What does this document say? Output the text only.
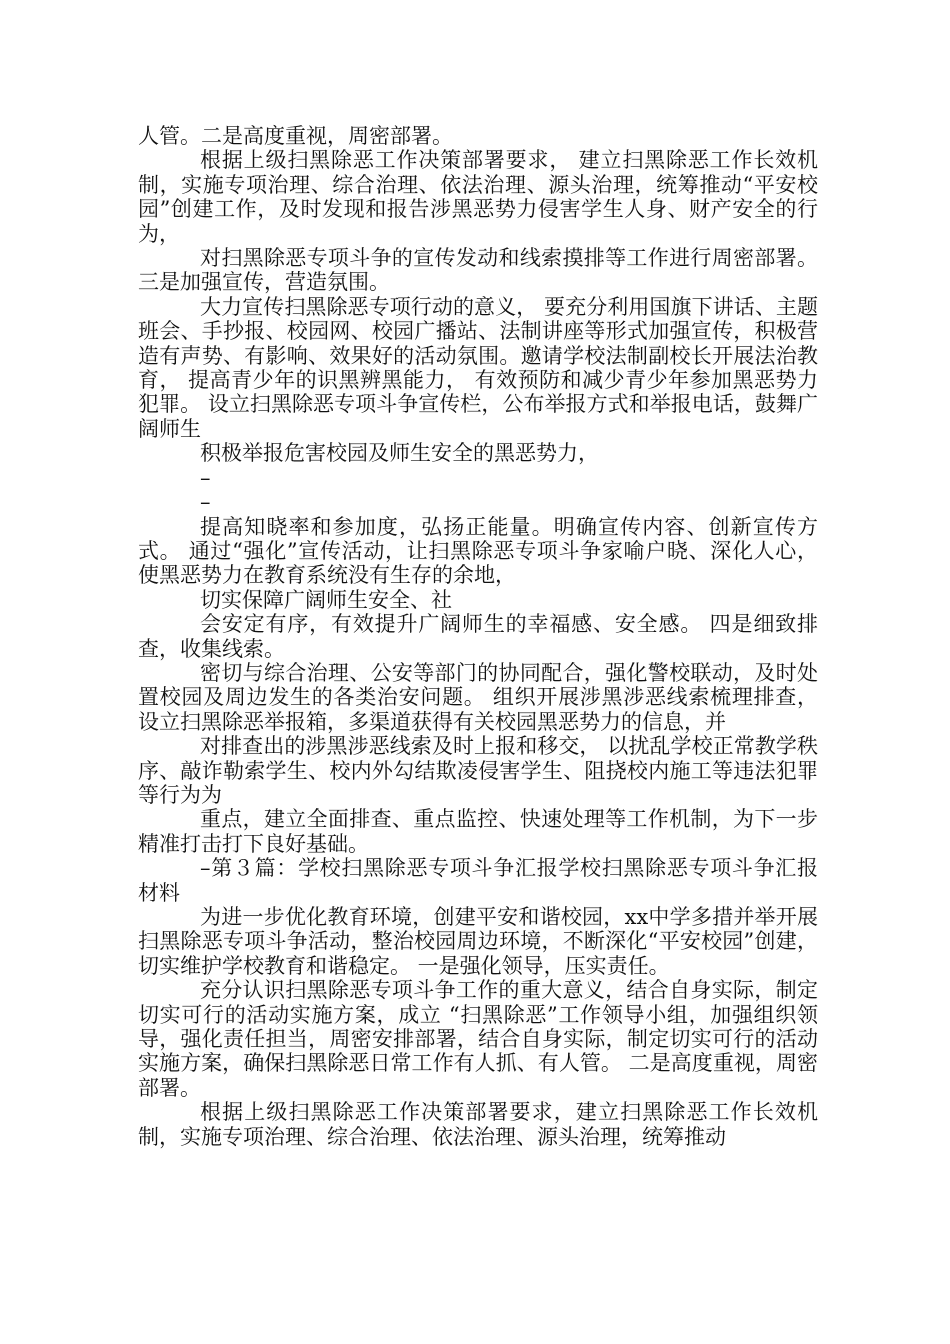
人管。二是高度重视，周密部署。

根据上级扫黑除恶工作决策部署要求， 建立扫黑除恶工作长效机制，实施专项治理、综合治理、依法治理、源头治理，统筹推动“平安校园”创建工作，及时发现和报告涉黑恶势力侵害学生人身、财产安全的行为，

对扫黑除恶专项斗争的宣传发动和线索摸排等工作进行周密部署。 三是加强宣传，营造氛围。

大力宣传扫黑除恶专项行动的意义， 要充分利用国旗下讲话、主题班会、手抄报、校园网、校园广播站、法制讲座等形式加强宣传，积极营造有声势、有影响、效果好的活动氛围。邀请学校法制副校长开展法治教育， 提高青少年的识黑辨黑能力， 有效预防和减少青少年参加黑恶势力犯罪。 设立扫黑除恶专项斗争宣传栏，公布举报方式和举报电话，鼓舞广阔师生

积极举报危害校园及师生安全的黑恶势力，

–

–

提高知晓率和参加度，弘扬正能量。明确宣传内容、创新宣传方式。 通过“强化”宣传活动，让扫黑除恶专项斗争家喻户晓、深化人心， 使黑恶势力在教育系统没有生存的余地，

切实保障广阔师生安全、社

会安定有序，有效提升广阔师生的幸福感、安全感。 四是细致排查，收集线索。

密切与综合治理、公安等部门的协同配合，强化警校联动，及时处置校园及周边发生的各类治安问题。 组织开展涉黑涉恶线索梳理排查， 设立扫黑除恶举报箱，多渠道获得有关校园黑恶势力的信息，并

对排查出的涉黑涉恶线索及时上报和移交， 以扰乱学校正常教学秩序、敲诈勒索学生、校内外勾结欺凌侵害学生、阻挠校内施工等违法犯罪等行为为

重点，建立全面排查、重点监控、快速处理等工作机制，为下一步精准打击打下良好基础。

–第３篇：学校扫黑除恶专项斗争汇报学校扫黑除恶专项斗争汇报材料

为进一步优化教育环境，创建平安和谐校园，xx中学多措并举开展扫黑除恶专项斗争活动，整治校园周边环境，不断深化“平安校园”创建，切实维护学校教育和谐稳定。 一是强化领导，压实责任。

充分认识扫黑除恶专项斗争工作的重大意义，结合自身实际，制定切实可行的活动实施方案，成立 “扫黑除恶”工作领导小组，加强组织领导，强化责任担当，周密安排部署，结合自身实际，制定切实可行的活动实施方案，确保扫黑除恶日常工作有人抓、有人管。 二是高度重视，周密部署。

根据上级扫黑除恶工作决策部署要求，建立扫黑除恶工作长效机制，实施专项治理、综合治理、依法治理、源头治理，统筹推动
